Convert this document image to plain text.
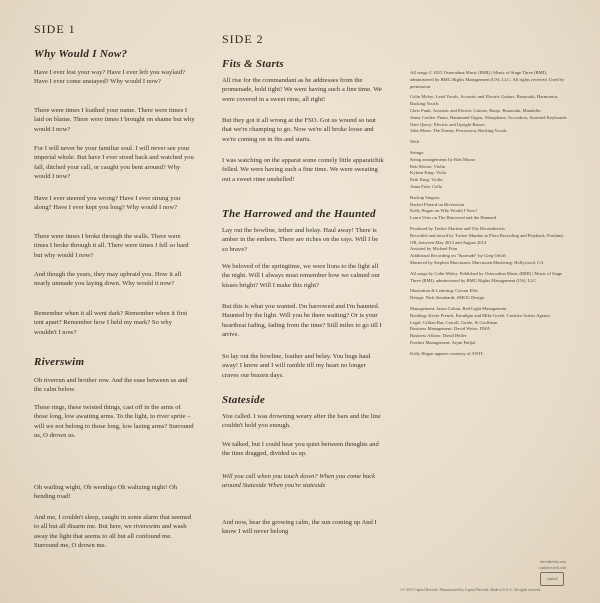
SIDE 1
Why Would I Now?
Have I ever lost your way? Have I ever left you waylaid? Have I ever come unstayed? Why would I now?
There were times I loathed your name. There were times I laid on blame. There were times I brought on shame but why would I now?
For I will never be your familiar soul. I will never see your imperial whole. But have I ever stood back and watched you fall, ditched your call, or caught you bent around? Why would I now?
Have I ever steered you wrong? Have I ever strung you along? Have I ever kept you long? Why would I now?
There were times I broke through the walls. There were times I broke through it all. There were times I fell so hard but why would I now?
And though the years, they may upbraid you. How it all nearly unmade you laying down. Why would it now?
Remember when it all went dark? Remember when it first tent apart? Remember how I held my mark? So why wouldn't I now?
Riverswim
Oh riverrun and brother row. And the ease between us and the calm below.
These rings, these twisted things, cast off in the arms of those long, low awaiting arms. To the light, to river sprite – will we not belong to those long, low lazing arms? Surround us, O drown us.
Oh wailing wight, Oh wendigo Oh waltzing night! Oh bending road!
And me, I couldn't sleep, caught in some alarm that seemed to all but all disarm me. But here, we riverswim and wash away the light that seems to all but all confound me. Surround me, O drown me.
SIDE 2
Fits & Starts
All rise for the commandant as he addresses from the promenade, hold tight! We were having such a fine time. We were covered in a sweet rime, all right!
But they got it all wrong at the FSO. Got us wound so taut that we're champing to go. Now we're all broke loose and we're coming on in fits and starts.
I was watching on the apparat some comely little apparatchik felled. We were having such a fine time. We were sweating out a sweet rime unshelled!
The Harrowed and the Haunted
Lay out the bowline, tether and belay. Haul away! There is amber in the embers. There are riches on the rays. Will I be so brave?
We beloved of the springtime, we were lions to the light all the night. Will I always must remember how we calmed our kisses bright? Will I make this right?
But this is what you wanted. I'm harrowed and I'm haunted. Haunted by the light. Will you be there waiting? Or is your heartbeat fading, fading from the time? Still miles to go till I arrive.
So lay out the bowline, feather and belay. You hugs haul away! I know and I will ramble till my heart no longer craves our brazen days.
Stateside
You called. I was drowning weary after the bars and the line couldn't hold you enough.
We talked, but I could hear you quiet between thoughts and the time dragged, divided us up.
Will you call when you touch down? When you come back around Stateside When you're stateside
And now, hear the growing calm, the sun coming up And I know I will never belong
All songs © 2015 Osterozhna Music (BMI) | Music of Stage Three (BMI), administered by BMG Rights Management (US), LLC. All rights reserved. Used by permission.
Colin Meloy: Lead Vocals, Acoustic and Electric Guitars, Bouzouki, Harmonica, Backing Vocals
Chris Funk: Acoustic and Electric Guitars, Banjo, Bouzouki, Mandolin
Jenny Conlee: Piano, Hammond Organ, Vibraphone, Accordion, Assorted Keyboards
Nate Query: Electric and Upright Basses
John Moen: The Drums, Percussion, Backing Vocals
With
Strings:
String arrangements by Rob Moose
Rob Moose: Violin
Kyleen King: Viola
Patti King: Violin
Anna Fritz: Cello
Backup Singers:
Rachel Flotard on Riverswim
Kelly Hogan on Why Would I Now?
Laura Veirs on The Harrowed and the Haunted
Produced by Tucker Martine and The Decemberists
Recorded and mixed by Tucker Martine at Flora Recording and Playback, Portland, OR, between May 2013 and August 2014
Assisted by Michael Finn
Additional Recording on "Stateside" by Greg Orloff
Mastered by Stephen Marcussen, Marcussen Mastering, Hollywood, CA
All songs by Colin Meloy. Published by Osterozhna Music (BMI) | Music of Stage Three (BMI), administered by BMG Rights Management (US), LLC
Illustration & Lettering: Carson Ellis
Design: Nick Steinhardt, SMOG Design
Management: Jason Colton, Red Light Management
Booking: Kevin French, Paradigm and Mike Greek, Creative Artists Agency
Legal: Gillian Bar, Carroll, Guido, & Groffman
Business Management: David Weise, DWA
Business Affairs: David Heller
Product Management: Arjun Pulijal
Kelly Hogan appears courtesy of ANTI-
decemberists.com
capitolrecords.com
℗© 2015 Capitol Records. Manufactured by Capitol Records. Made in U.S.A. All rights reserved.
capitol
